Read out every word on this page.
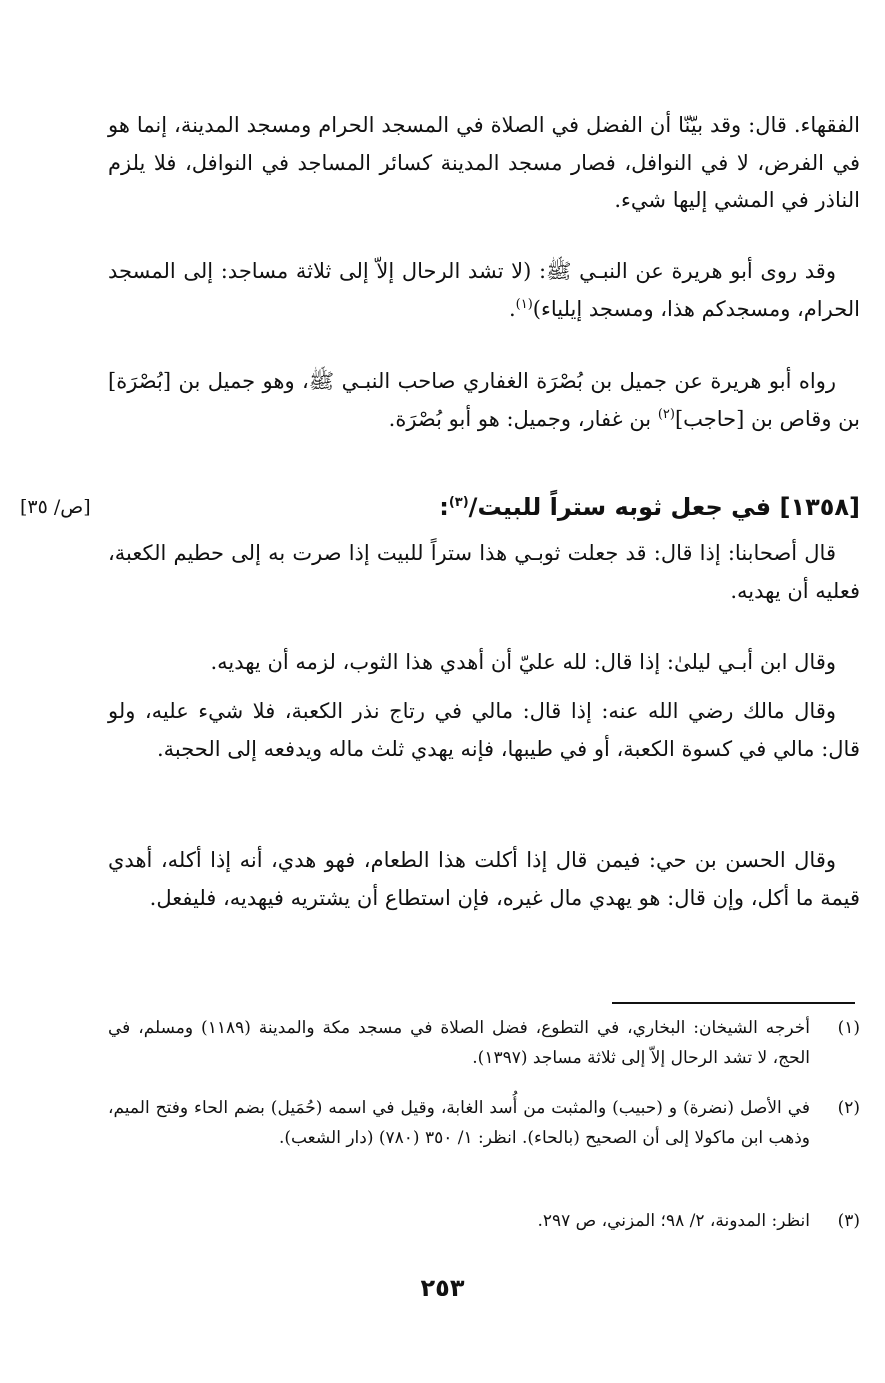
الفقهاء. قال: وقد بيّنّا أن الفضل في الصلاة في المسجد الحرام ومسجد المدينة، إنما هو في الفرض، لا في النوافل، فصار مسجد المدينة كسائر المساجد في النوافل، فلا يلزم الناذر في المشي إليها شيء.

وقد روى أبو هريرة عن النبـي ﷺ: (لا تشد الرحال إلاّ إلى ثلاثة مساجد: إلى المسجد الحرام، ومسجدكم هذا، ومسجد إيلياء)$^{(١)}$.

رواه أبو هريرة عن جميل بن بُصْرَة الغفاري صاحب النبـي ﷺ، وهو جميل بن [بُصْرَة] بن وقاص بن [حاجب]$^{(٢)}$ بن غفار، وجميل: هو أبو بُصْرَة.

[١٣٥٨] في جعل ثوبه ستراً للبيت/$^{(٣)}$:
[ص/ ٣٥]

قال أصحابنا: إذا قال: قد جعلت ثوبـي هذا ستراً للبيت إذا صرت به إلى حطيم الكعبة، فعليه أن يهديه.

وقال ابن أبـي ليلىٰ: إذا قال: لله عليّ أن أهدي هذا الثوب، لزمه أن يهديه.

وقال مالك رضي الله عنه: إذا قال: مالي في رتاج نذر الكعبة، فلا شيء عليه، ولو قال: مالي في كسوة الكعبة، أو في طيبها، فإنه يهدي ثلث ماله ويدفعه إلى الحجبة.

وقال الحسن بن حي: فيمن قال إذا أكلت هذا الطعام، فهو هدي، أنه إذا أكله، أهدي قيمة ما أكل، وإن قال: هو يهدي مال غيره، فإن استطاع أن يشتريه فيهديه، فليفعل.

(١)
أخرجه الشيخان: البخاري، في التطوع، فضل الصلاة في مسجد مكة والمدينة (١١٨٩) ومسلم، في الحج، لا تشد الرحال إلاّ إلى ثلاثة مساجد (١٣٩٧).
(٢)
في الأصل (نضرة) و (حبيب) والمثبت من أُسد الغابة، وقيل في اسمه (حُمَيل) بضم الحاء وفتح الميم، وذهب ابن ماكولا إلى أن الصحيح (بالحاء). انظر: ١/ ٣٥٠ (٧٨٠) (دار الشعب).
(٣)
انظر: المدونة، ٢/ ٩٨؛ المزني، ص ٢٩٧.
٢٥٣
